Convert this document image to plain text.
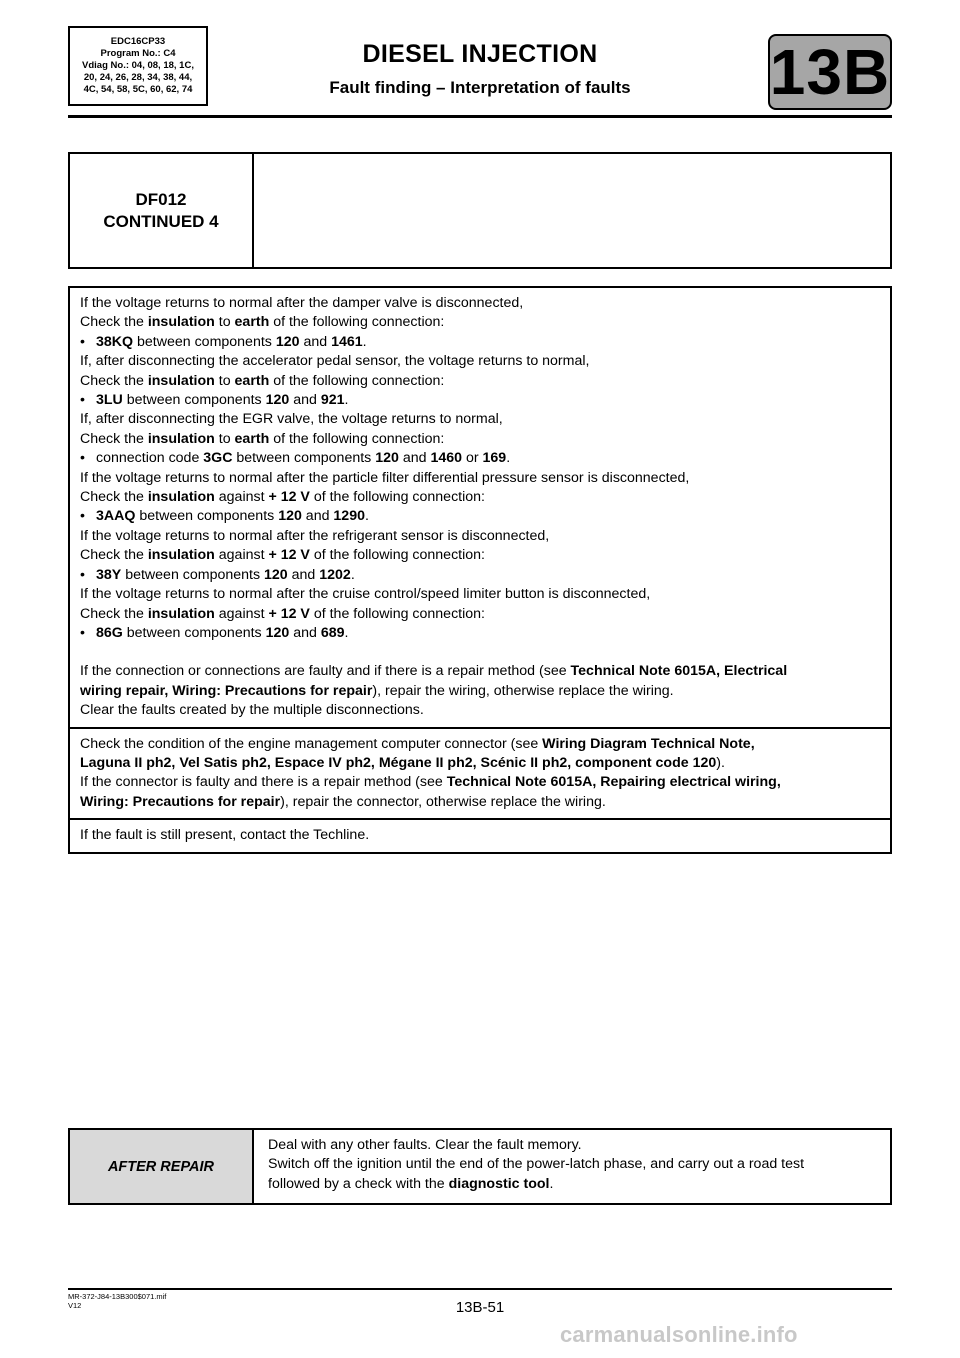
EDC16CP33
Program No.: C4
Vdiag No.: 04, 08, 18, 1C,
20, 24, 26, 28, 34, 38, 44,
4C, 54, 58, 5C, 60, 62, 74
DIESEL INJECTION
Fault finding – Interpretation of faults	13B
DF012
CONTINUED 4
If the voltage returns to normal after the damper valve is disconnected,
Check the insulation to earth of the following connection:
• 38KQ between components 120 and 1461.
If, after disconnecting the accelerator pedal sensor, the voltage returns to normal,
Check the insulation to earth of the following connection:
• 3LU between components 120 and 921.
If, after disconnecting the EGR valve, the voltage returns to normal,
Check the insulation to earth of the following connection:
• connection code 3GC between components 120 and 1460 or 169.
If the voltage returns to normal after the particle filter differential pressure sensor is disconnected,
Check the insulation against + 12 V of the following connection:
• 3AAQ between components 120 and 1290.
If the voltage returns to normal after the refrigerant sensor is disconnected,
Check the insulation against + 12 V of the following connection:
• 38Y between components 120 and 1202.
If the voltage returns to normal after the cruise control/speed limiter button is disconnected,
Check the insulation against + 12 V of the following connection:
• 86G between components 120 and 689.
If the connection or connections are faulty and if there is a repair method (see Technical Note 6015A, Electrical
wiring repair, Wiring: Precautions for repair), repair the wiring, otherwise replace the wiring.
Clear the faults created by the multiple disconnections.
Check the condition of the engine management computer connector (see Wiring Diagram Technical Note,
Laguna II ph2, Vel Satis ph2, Espace IV ph2, Mégane II ph2, Scénic II ph2, component code 120).
If the connector is faulty and there is a repair method (see Technical Note 6015A, Repairing electrical wiring,
Wiring: Precautions for repair), repair the connector, otherwise replace the wiring.
If the fault is still present, contact the Techline.
AFTER REPAIR
Deal with any other faults. Clear the fault memory.
Switch off the ignition until the end of the power-latch phase, and carry out a road test
followed by a check with the diagnostic tool.
MR-372-J84-13B300$071.mif
V12	13B-51
carmanualsonline.info
